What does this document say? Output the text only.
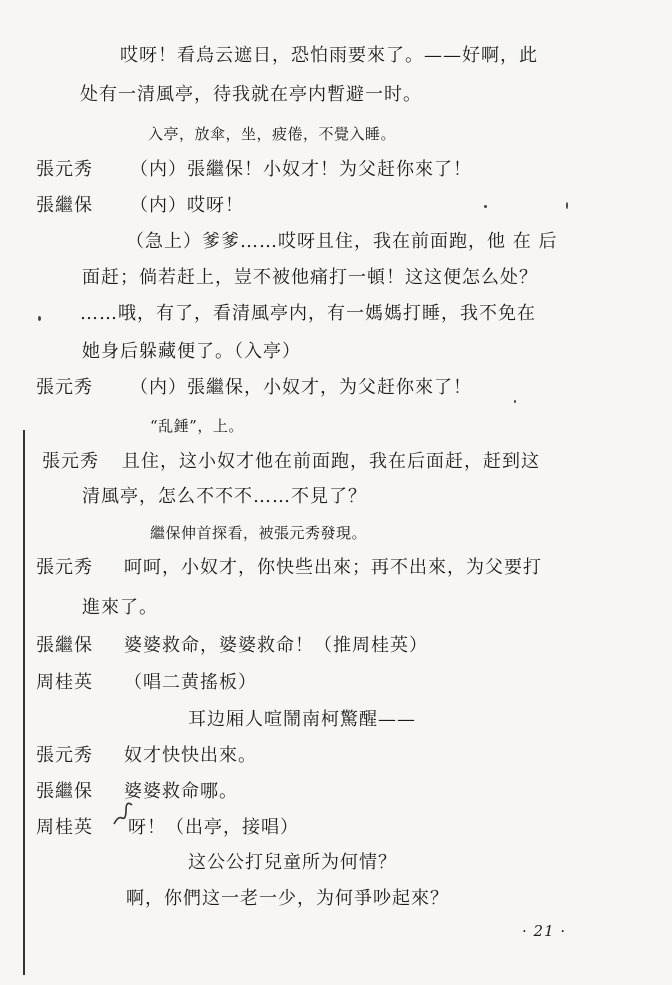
哎呀！看烏云遮日，恐怕雨要來了。——好啊，此
处有一清風亭，待我就在亭内暫避一时。
入亭，放傘，坐，疲倦，不覺入睡。
張元秀 （内）張繼保！小奴才！为父赶你來了！
張繼保 （内）哎呀！
（急上）爹爹……哎呀且住，我在前面跑，他 在 后
面赶；倘若赶上，豈不被他痛打一頓！这这便怎么处？
……哦，有了，看清風亭内，有一媽媽打睡，我不免在
她身后躲藏便了。（入亭）
張元秀 （内）張繼保，小奴才，为父赶你來了！
“乱錘”，上。
張元秀 且住，这小奴才他在前面跑，我在后面赶，赶到这
清風亭，怎么不不不……不見了？
繼保伸首探看，被張元秀發現。
張元秀 呵呵，小奴才，你快些出來；再不出來，为父要打
進來了。
張繼保 婆婆救命，婆婆救命！（推周桂英）
周桂英 （唱二黄搖板）
耳边厢人喧鬧南柯驚醒——
張元秀 奴才快快出來。
張繼保 婆婆救命哪。
周桂英 呀！（出亭，接唱）
这公公打兒童所为何情？
啊，你們这一老一少，为何爭吵起來？
· 21 ·
